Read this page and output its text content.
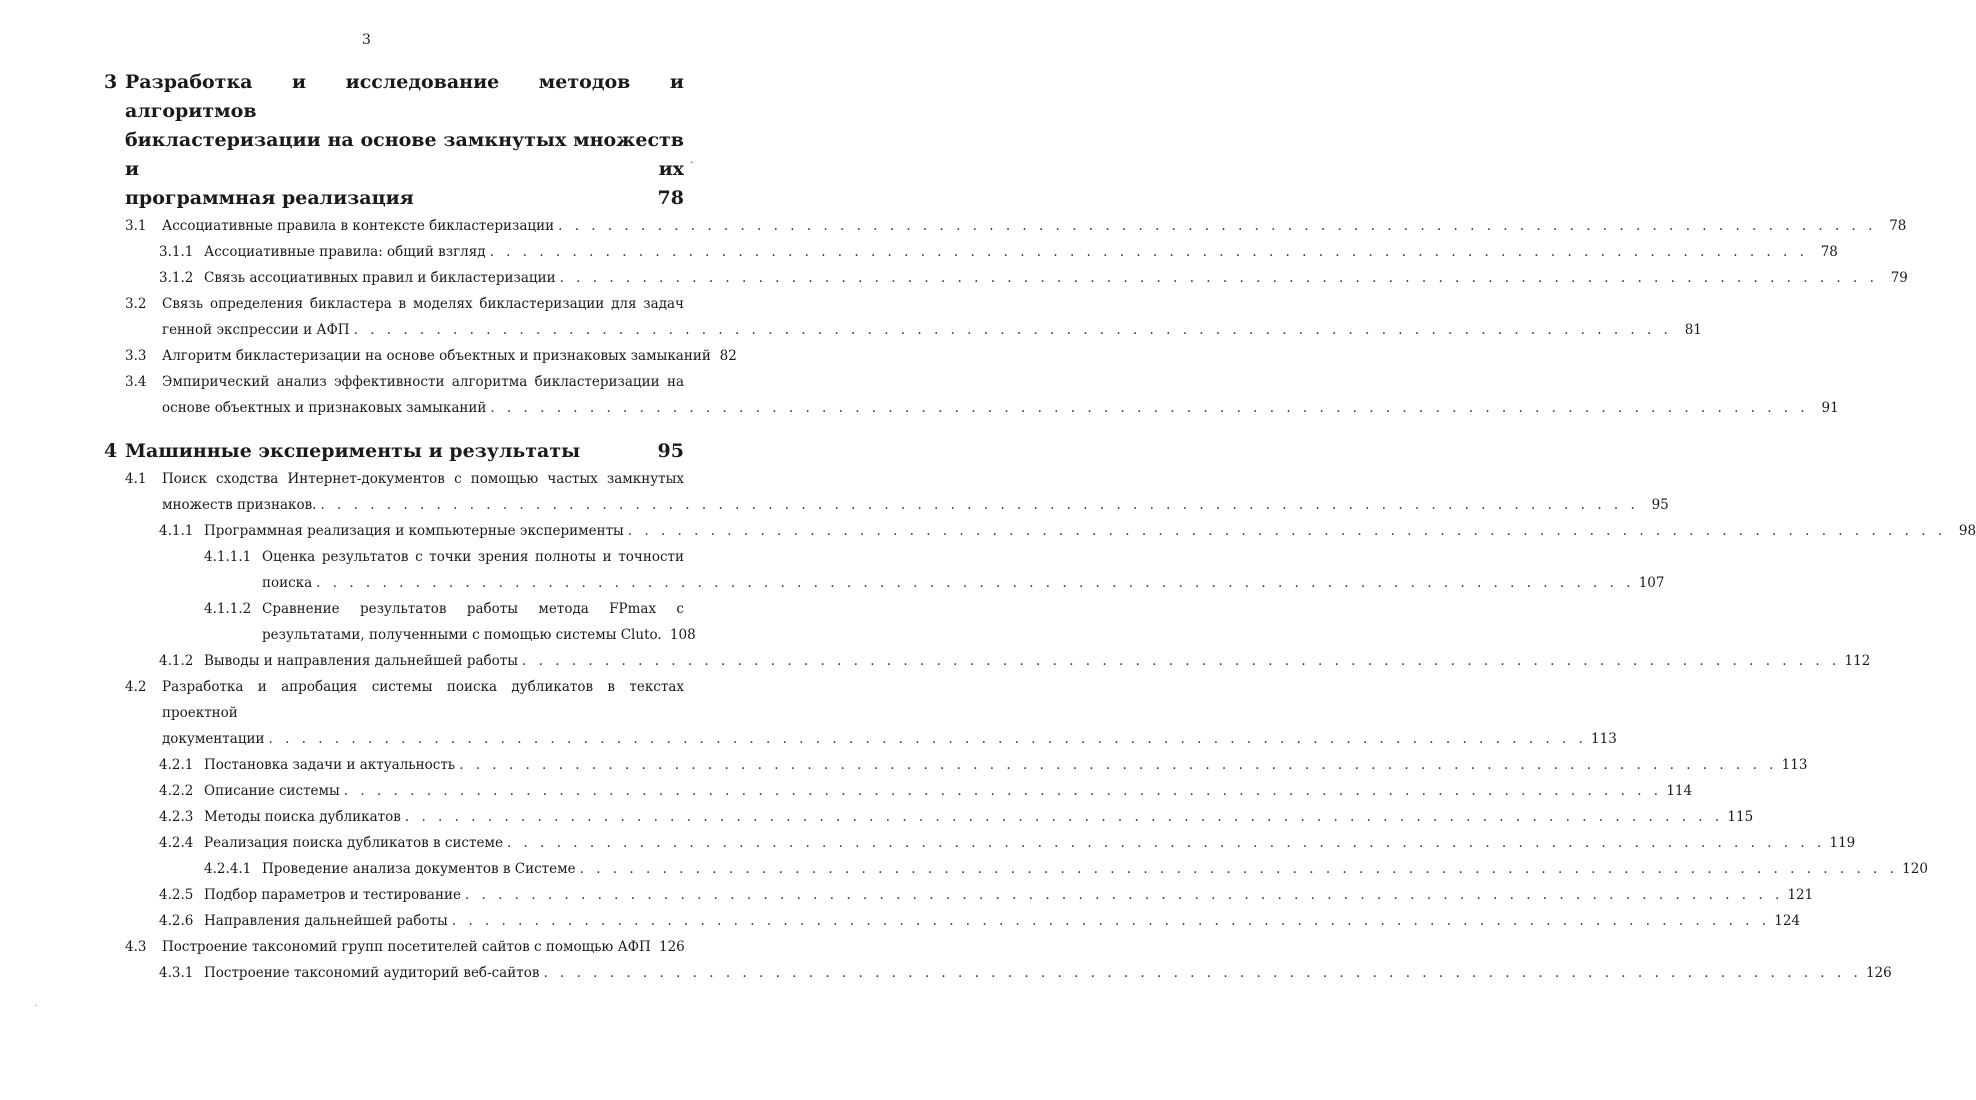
3
3 Разработка и исследование методов и алгоритмов
бикластеризации на основе замкнутых множеств и их
программная реализация	78
3.1	Ассоциативные правила в контексте бикластеризации . . . . . . . . . . . . . . . . . . . . . . . . . . . . . . . . . . . . . . . . . . . . . . . . . . . . . . . . . . . . . . . . . . . . . . . . . . . . . . . . 78
3.1.1 Ассоциативные правила: общий взгляд . . . . . . . . . . . . . . . . . . . . . . . . . . . . . . . . . . . . . . . . . . . . . . . . . . . . . . . . . . . . . . . . . . . . . . . . . . . . . . . . 78
3.1.2 Связь ассоциативных правил и бикластеризации . . . . . . . . . . . . . . . . . . . . . . . . . . . . . . . . . . . . . . . . . . . . . . . . . . . . . . . . . . . . . . . . . . . . . . . . . . . . . . . . 79
3.2	Связь определения бикластера в моделях бикластеризации для задач
генной экспрессии и АФП . . . . . . . . . . . . . . . . . . . . . . . . . . . . . . . . . . . . . . . . . . . . . . . . . . . . . . . . . . . . . . . . . . . . . . . . . . . . . . . . 81
3.3	Алгоритм бикластеризации на основе объектных и признаковых замыканий 82
3.4	Эмпирический анализ эффективности алгоритма бикластеризации на
основе объектных и признаковых замыканий . . . . . . . . . . . . . . . . . . . . . . . . . . . . . . . . . . . . . . . . . . . . . . . . . . . . . . . . . . . . . . . . . . . . . . . . . . . . . . . . 91
4 Машинные эксперименты и результаты	95
4.1	Поиск сходства Интернет-документов с помощью частых замкнутых
множеств признаков. . . . . . . . . . . . . . . . . . . . . . . . . . . . . . . . . . . . . . . . . . . . . . . . . . . . . . . . . . . . . . . . . . . . . . . . . . . . . . . . . 95
4.1.1 Программная реализация и компьютерные эксперименты . . . . . . . . . . . . . . . . . . . . . . . . . . . . . . . . . . . . . . . . . . . . . . . . . . . . . . . . . . . . . . . . . . . . . . . . . . . . . . . . 98
4.1.1.1 Оценка результатов с точки зрения полноты и точности
поиска . . . . . . . . . . . . . . . . . . . . . . . . . . . . . . . . . . . . . . . . . . . . . . . . . . . . . . . . . . . . . . . . . . . . . . . . . . . . . . . . 107
4.1.1.2 Сравнение результатов работы метода FPmax с
результатами, полученными с помощью системы Cluto. 108
4.1.2 Выводы и направления дальнейшей работы . . . . . . . . . . . . . . . . . . . . . . . . . . . . . . . . . . . . . . . . . . . . . . . . . . . . . . . . . . . . . . . . . . . . . . . . . . . . . . . . 112
4.2	Разработка и апробация системы поиска дубликатов в текстах проектной
документации . . . . . . . . . . . . . . . . . . . . . . . . . . . . . . . . . . . . . . . . . . . . . . . . . . . . . . . . . . . . . . . . . . . . . . . . . . . . . . . . 113
4.2.1 Постановка задачи и актуальность . . . . . . . . . . . . . . . . . . . . . . . . . . . . . . . . . . . . . . . . . . . . . . . . . . . . . . . . . . . . . . . . . . . . . . . . . . . . . . . . 113
4.2.2 Описание системы . . . . . . . . . . . . . . . . . . . . . . . . . . . . . . . . . . . . . . . . . . . . . . . . . . . . . . . . . . . . . . . . . . . . . . . . . . . . . . . . 114
4.2.3 Методы поиска дубликатов . . . . . . . . . . . . . . . . . . . . . . . . . . . . . . . . . . . . . . . . . . . . . . . . . . . . . . . . . . . . . . . . . . . . . . . . . . . . . . . . 115
4.2.4 Реализация поиска дубликатов в системе . . . . . . . . . . . . . . . . . . . . . . . . . . . . . . . . . . . . . . . . . . . . . . . . . . . . . . . . . . . . . . . . . . . . . . . . . . . . . . . . 119
4.2.4.1 Проведение анализа документов в Системе . . . . . . . . . . . . . . . . . . . . . . . . . . . . . . . . . . . . . . . . . . . . . . . . . . . . . . . . . . . . . . . . . . . . . . . . . . . . . . . . 120
4.2.5 Подбор параметров и тестирование . . . . . . . . . . . . . . . . . . . . . . . . . . . . . . . . . . . . . . . . . . . . . . . . . . . . . . . . . . . . . . . . . . . . . . . . . . . . . . . . 121
4.2.6 Направления дальнейшей работы . . . . . . . . . . . . . . . . . . . . . . . . . . . . . . . . . . . . . . . . . . . . . . . . . . . . . . . . . . . . . . . . . . . . . . . . . . . . . . . . 124
4.3	Построение таксономий групп посетителей сайтов с помощью АФП 126
4.3.1 Построение таксономий аудиторий веб-сайтов . . . . . . . . . . . . . . . . . . . . . . . . . . . . . . . . . . . . . . . . . . . . . . . . . . . . . . . . . . . . . . . . . . . . . . . . . . . . . . . . 126
-
.
